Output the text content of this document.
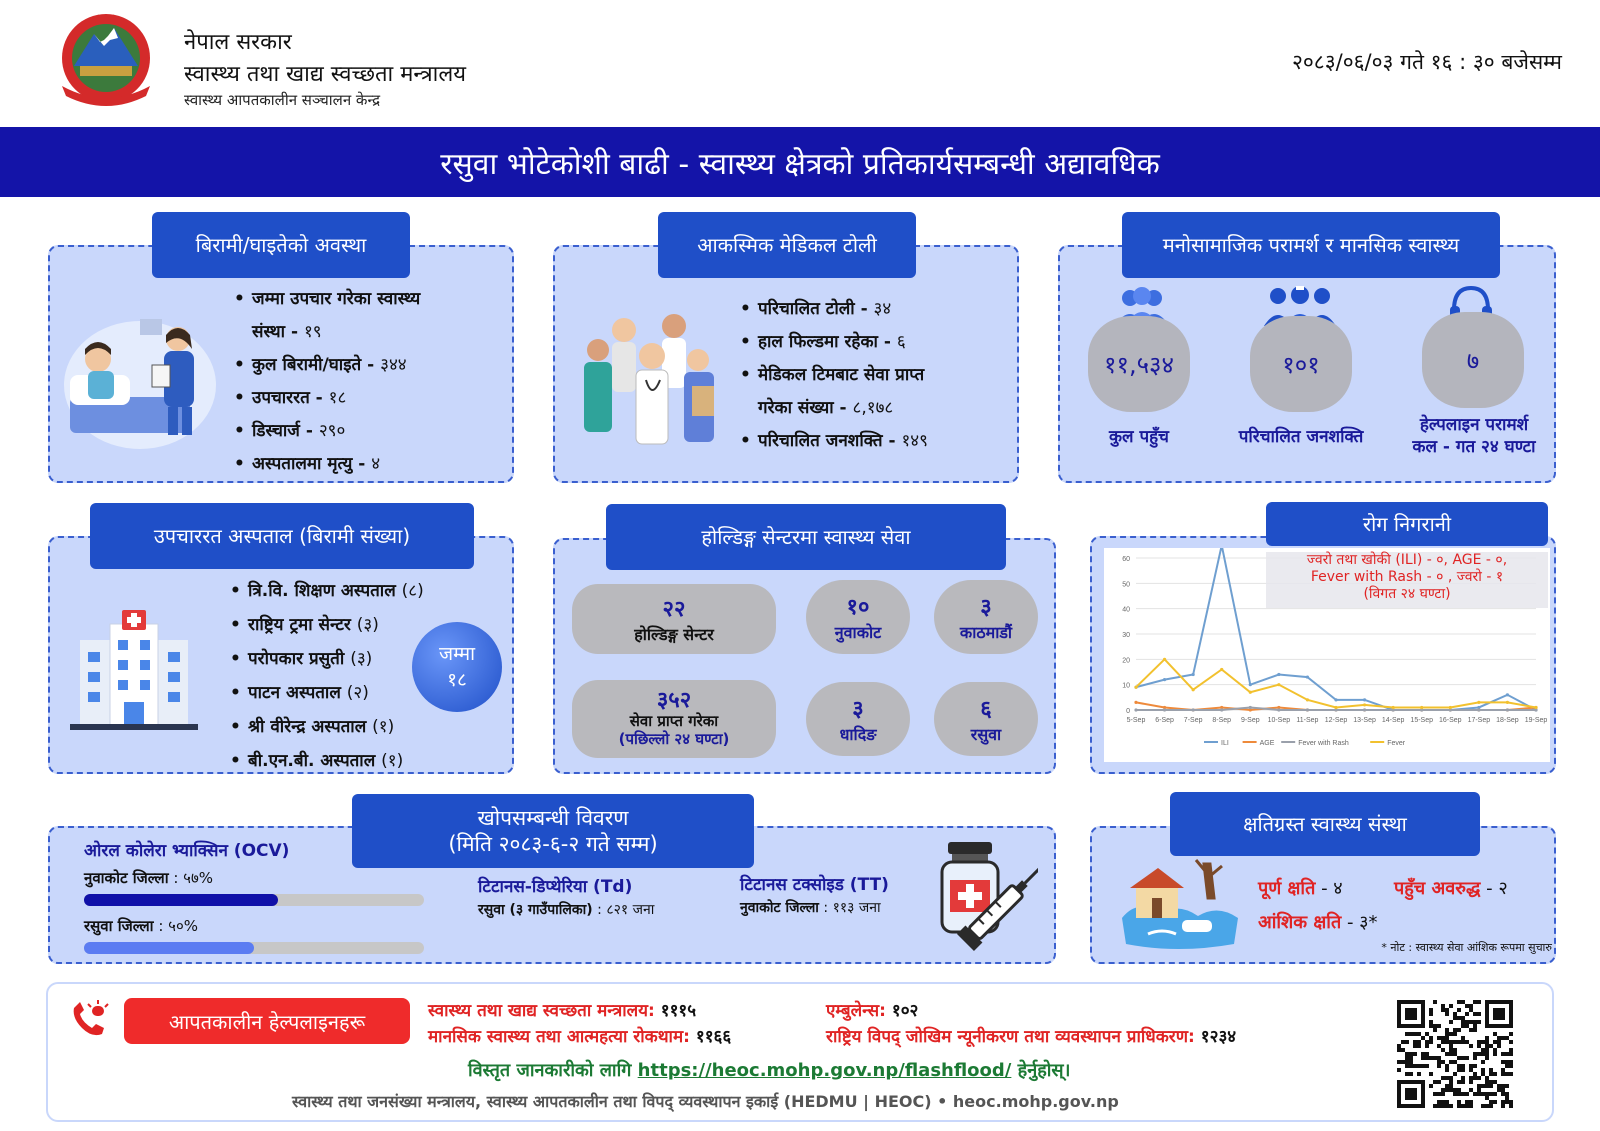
नेपाल सरकार
स्वास्थ्य तथा खाद्य स्वच्छता मन्त्रालय
स्वास्थ्य आपतकालीन सञ्चालन केन्द्र
२०८३/०६/०३ गते १६ : ३० बजेसम्म
रसुवा भोटेकोशी बाढी - स्वास्थ्य क्षेत्रको प्रतिकार्यसम्बन्धी अद्यावधिक
बिरामी/घाइतेको अवस्था
• जम्मा उपचार गरेका स्वास्थ्य
संस्था - १९
• कुल बिरामी/घाइते - ३४४
• उपचाररत - १८
• डिस्चार्ज - २९०
• अस्पतालमा मृत्यु - ४
आकस्मिक मेडिकल टोली
• परिचालित टोली - ३४
• हाल फिल्डमा रहेका - ६
• मेडिकल टिमबाट सेवा प्राप्त
गरेका संख्या - ८,१७८
• परिचालित जनशक्ति - १४९
मनोसामाजिक परामर्श र मानसिक स्वास्थ्य
११,५३४
कुल पहुँच
१०१
परिचालित जनशक्ति
७
हेल्पलाइन परामर्श
कल - गत २४ घण्टा
उपचाररत अस्पताल (बिरामी संख्या)
• त्रि.वि. शिक्षण अस्पताल (८)
• राष्ट्रिय ट्रमा सेन्टर (३)
• परोपकार प्रसुती (३)
• पाटन अस्पताल (२)
• श्री वीरेन्द्र अस्पताल (१)
• बी.एन.बी. अस्पताल (१)
जम्मा
१८
होल्डिङ्ग सेन्टरमा स्वास्थ्य सेवा
२२
होल्डिङ्ग सेन्टर
१०
नुवाकोट
३
काठमाडौं
३५२
सेवा प्राप्त गरेका
(पछिल्लो २४ घण्टा)
३
धादिङ
६
रसुवा
0
10
20
30
40
50
60
5-Sep 6-Sep 7-Sep 8-Sep 9-Sep 10-Sep 11-Sep 12-Sep 13-Sep 14-Sep 15-Sep 16-Sep 17-Sep 18-Sep 19-Sep
ILI	AGE	Fever with Rash	Fever
रोग निगरानी
ज्वरो तथा खोकी (ILI) - ०, AGE - ०,
Fever with Rash - ० , ज्वरो - १
(विगत २४ घण्टा)
खोपसम्बन्धी विवरण
(मिति २०८३-६-२ गते सम्म)
ओरल कोलेरा भ्याक्सिन (OCV)
नुवाकोट जिल्ला : ५७%
रसुवा जिल्ला : ५०%
टिटानस-डिप्थेरिया (Td)
रसुवा (३ गाउँपालिका) : ८२१ जना
टिटानस टक्सोइड (TT)
नुवाकोट जिल्ला : ११३ जना
क्षतिग्रस्त स्वास्थ्य संस्था
पूर्ण क्षति - ४	पहुँच अवरुद्ध - २
आंशिक क्षति - ३*
* नोट : स्वास्थ्य सेवा आंशिक रूपमा सुचारु
आपतकालीन हेल्पलाइनहरू	स्वास्थ्य तथा खाद्य स्वच्छता मन्त्रालय: १११५	एम्बुलेन्स: १०२
मानसिक स्वास्थ्य तथा आत्महत्या रोकथाम: ११६६	राष्ट्रिय विपद् जोखिम न्यूनीकरण तथा व्यवस्थापन प्राधिकरण: १२३४
विस्तृत जानकारीको लागि https://heoc.mohp.gov.np/flashflood/ हेर्नुहोस्।
स्वास्थ्य तथा जनसंख्या मन्त्रालय, स्वास्थ्य आपतकालीन तथा विपद् व्यवस्थापन इकाई (HEDMU | HEOC) • heoc.mohp.gov.np
